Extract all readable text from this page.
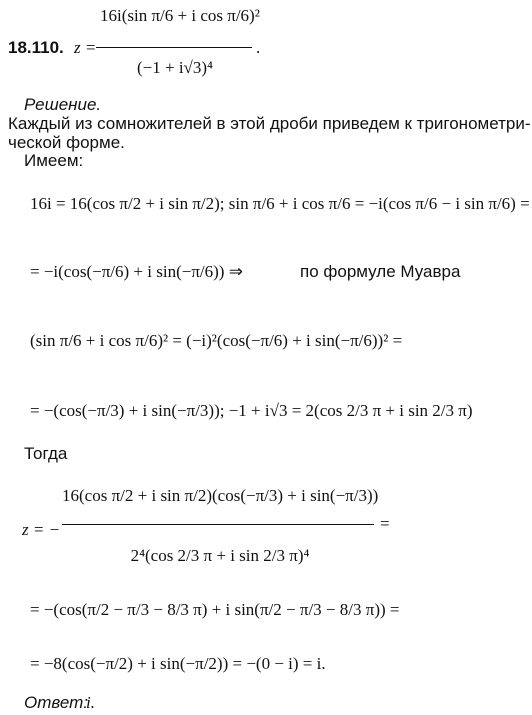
18.110. z =
16i(sin π/6 + i cos π/6)²
(−1 + i√3)⁴
.
Решение.
Каждый из сомножителей в этой дроби приведем к тригонометри-
ческой форме.
Имеем:
16i = 16(cos π/2 + i sin π/2); sin π/6 + i cos π/6 = −i(cos π/6 − i sin π/6) =
= −i(cos(−π/6) + i sin(−π/6)) ⇒	по формуле Муавра
(sin π/6 + i cos π/6)² = (−i)²(cos(−π/6) + i sin(−π/6))² =
= −(cos(−π/3) + i sin(−π/3)); −1 + i√3 = 2(cos 2/3 π + i sin 2/3 π)
Тогда
z = −
16(cos π/2 + i sin π/2)(cos(−π/3) + i sin(−π/3))
2⁴(cos 2/3 π + i sin 2/3 π)⁴
=
= −(cos(π/2 − π/3 − 8/3 π) + i sin(π/2 − π/3 − 8/3 π)) =
= −8(cos(−π/2) + i sin(−π/2)) = −(0 − i) = i.
Ответ:
i.
